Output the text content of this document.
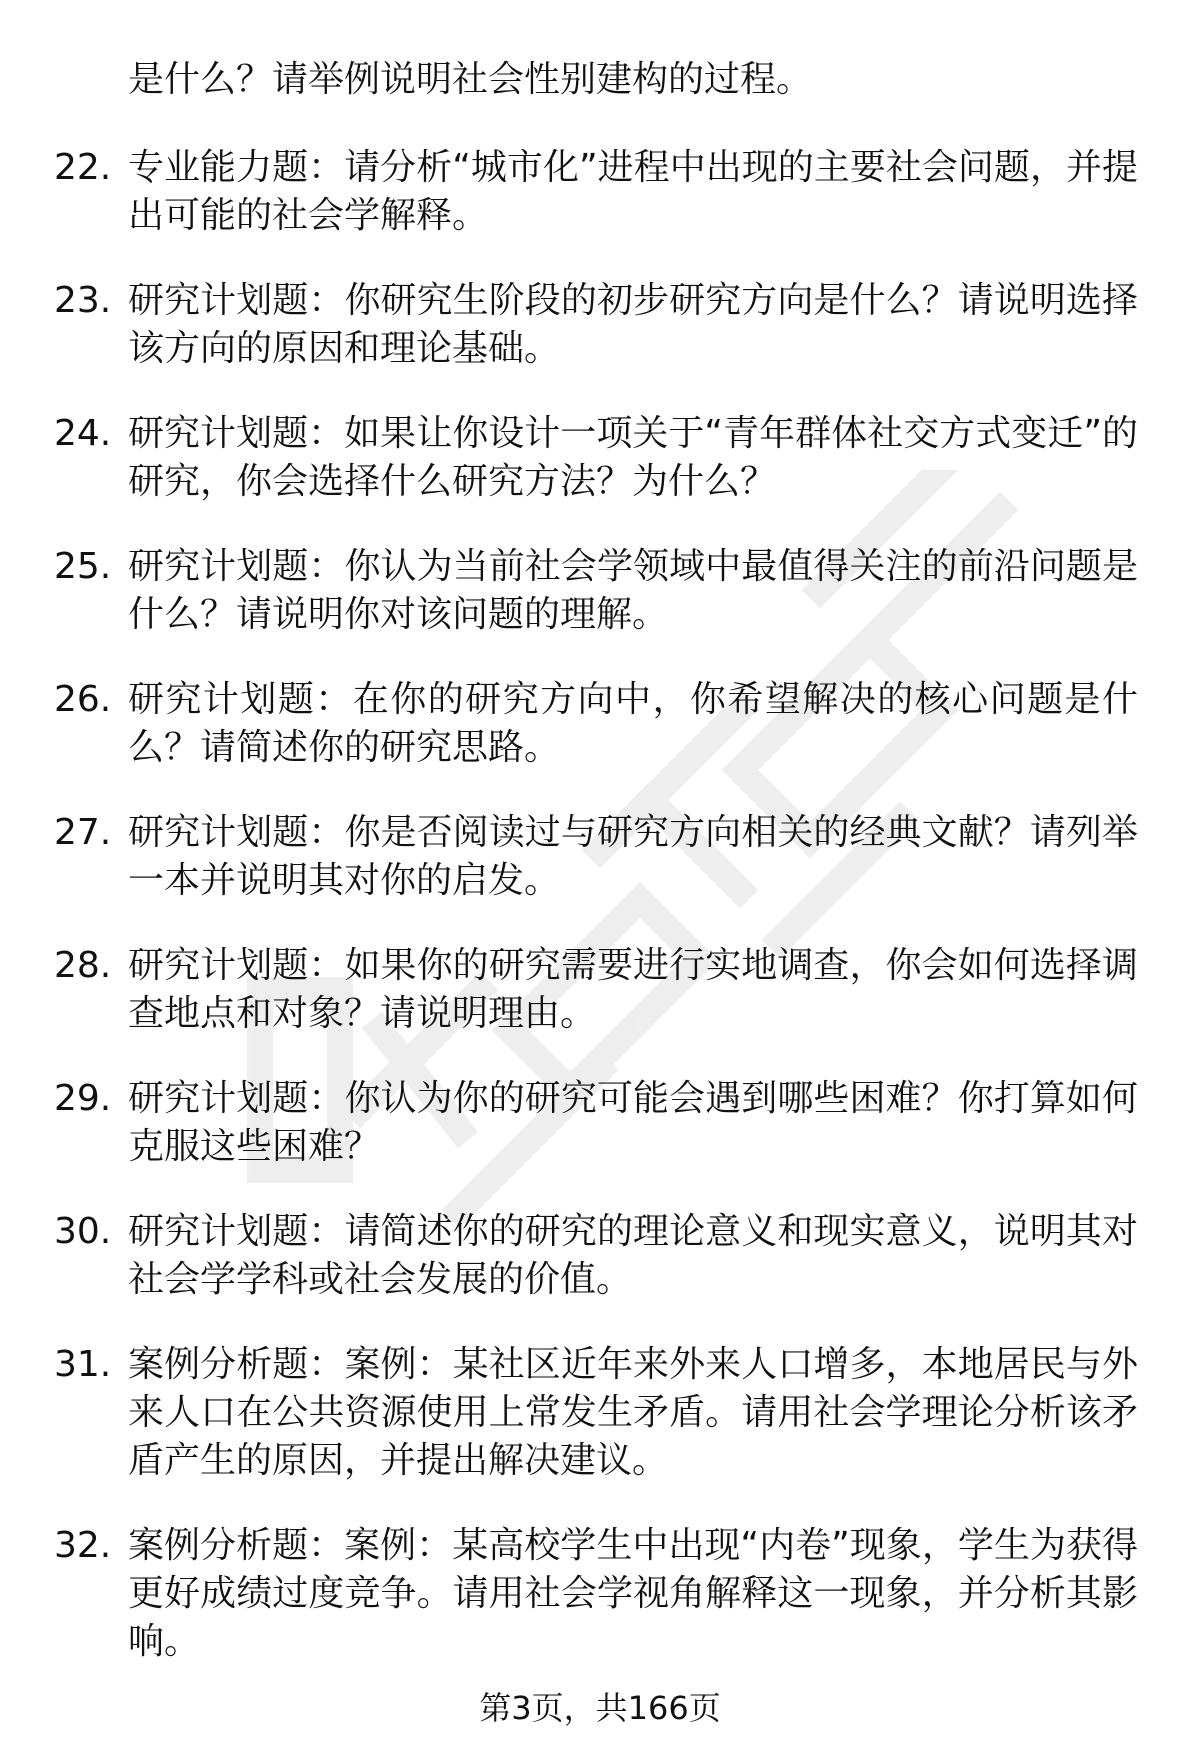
是什么？请举例说明社会性别建构的过程。

22. 专业能力题：请分析“城市化”进程中出现的主要社会问题，并提出可能的社会学解释。
23. 研究计划题：你研究生阶段的初步研究方向是什么？请说明选择该方向的原因和理论基础。
24. 研究计划题：如果让你设计一项关于“青年群体社交方式变迁”的研究，你会选择什么研究方法？为什么？
25. 研究计划题：你认为当前社会学领域中最值得关注的前沿问题是什么？请说明你对该问题的理解。
26. 研究计划题：在你的研究方向中，你希望解决的核心问题是什么？请简述你的研究思路。
27. 研究计划题：你是否阅读过与研究方向相关的经典文献？请列举一本并说明其对你的启发。
28. 研究计划题：如果你的研究需要进行实地调查，你会如何选择调查地点和对象？请说明理由。
29. 研究计划题：你认为你的研究可能会遇到哪些困难？你打算如何克服这些困难？
30. 研究计划题：请简述你的研究的理论意义和现实意义，说明其对社会学学科或社会发展的价值。
31. 案例分析题：案例：某社区近年来外来人口增多，本地居民与外来人口在公共资源使用上常发生矛盾。请用社会学理论分析该矛盾产生的原因，并提出解决建议。
32. 案例分析题：案例：某高校学生中出现“内卷”现象，学生为获得更好成绩过度竞争。请用社会学视角解释这一现象，并分析其影响。
第3页，共166页
